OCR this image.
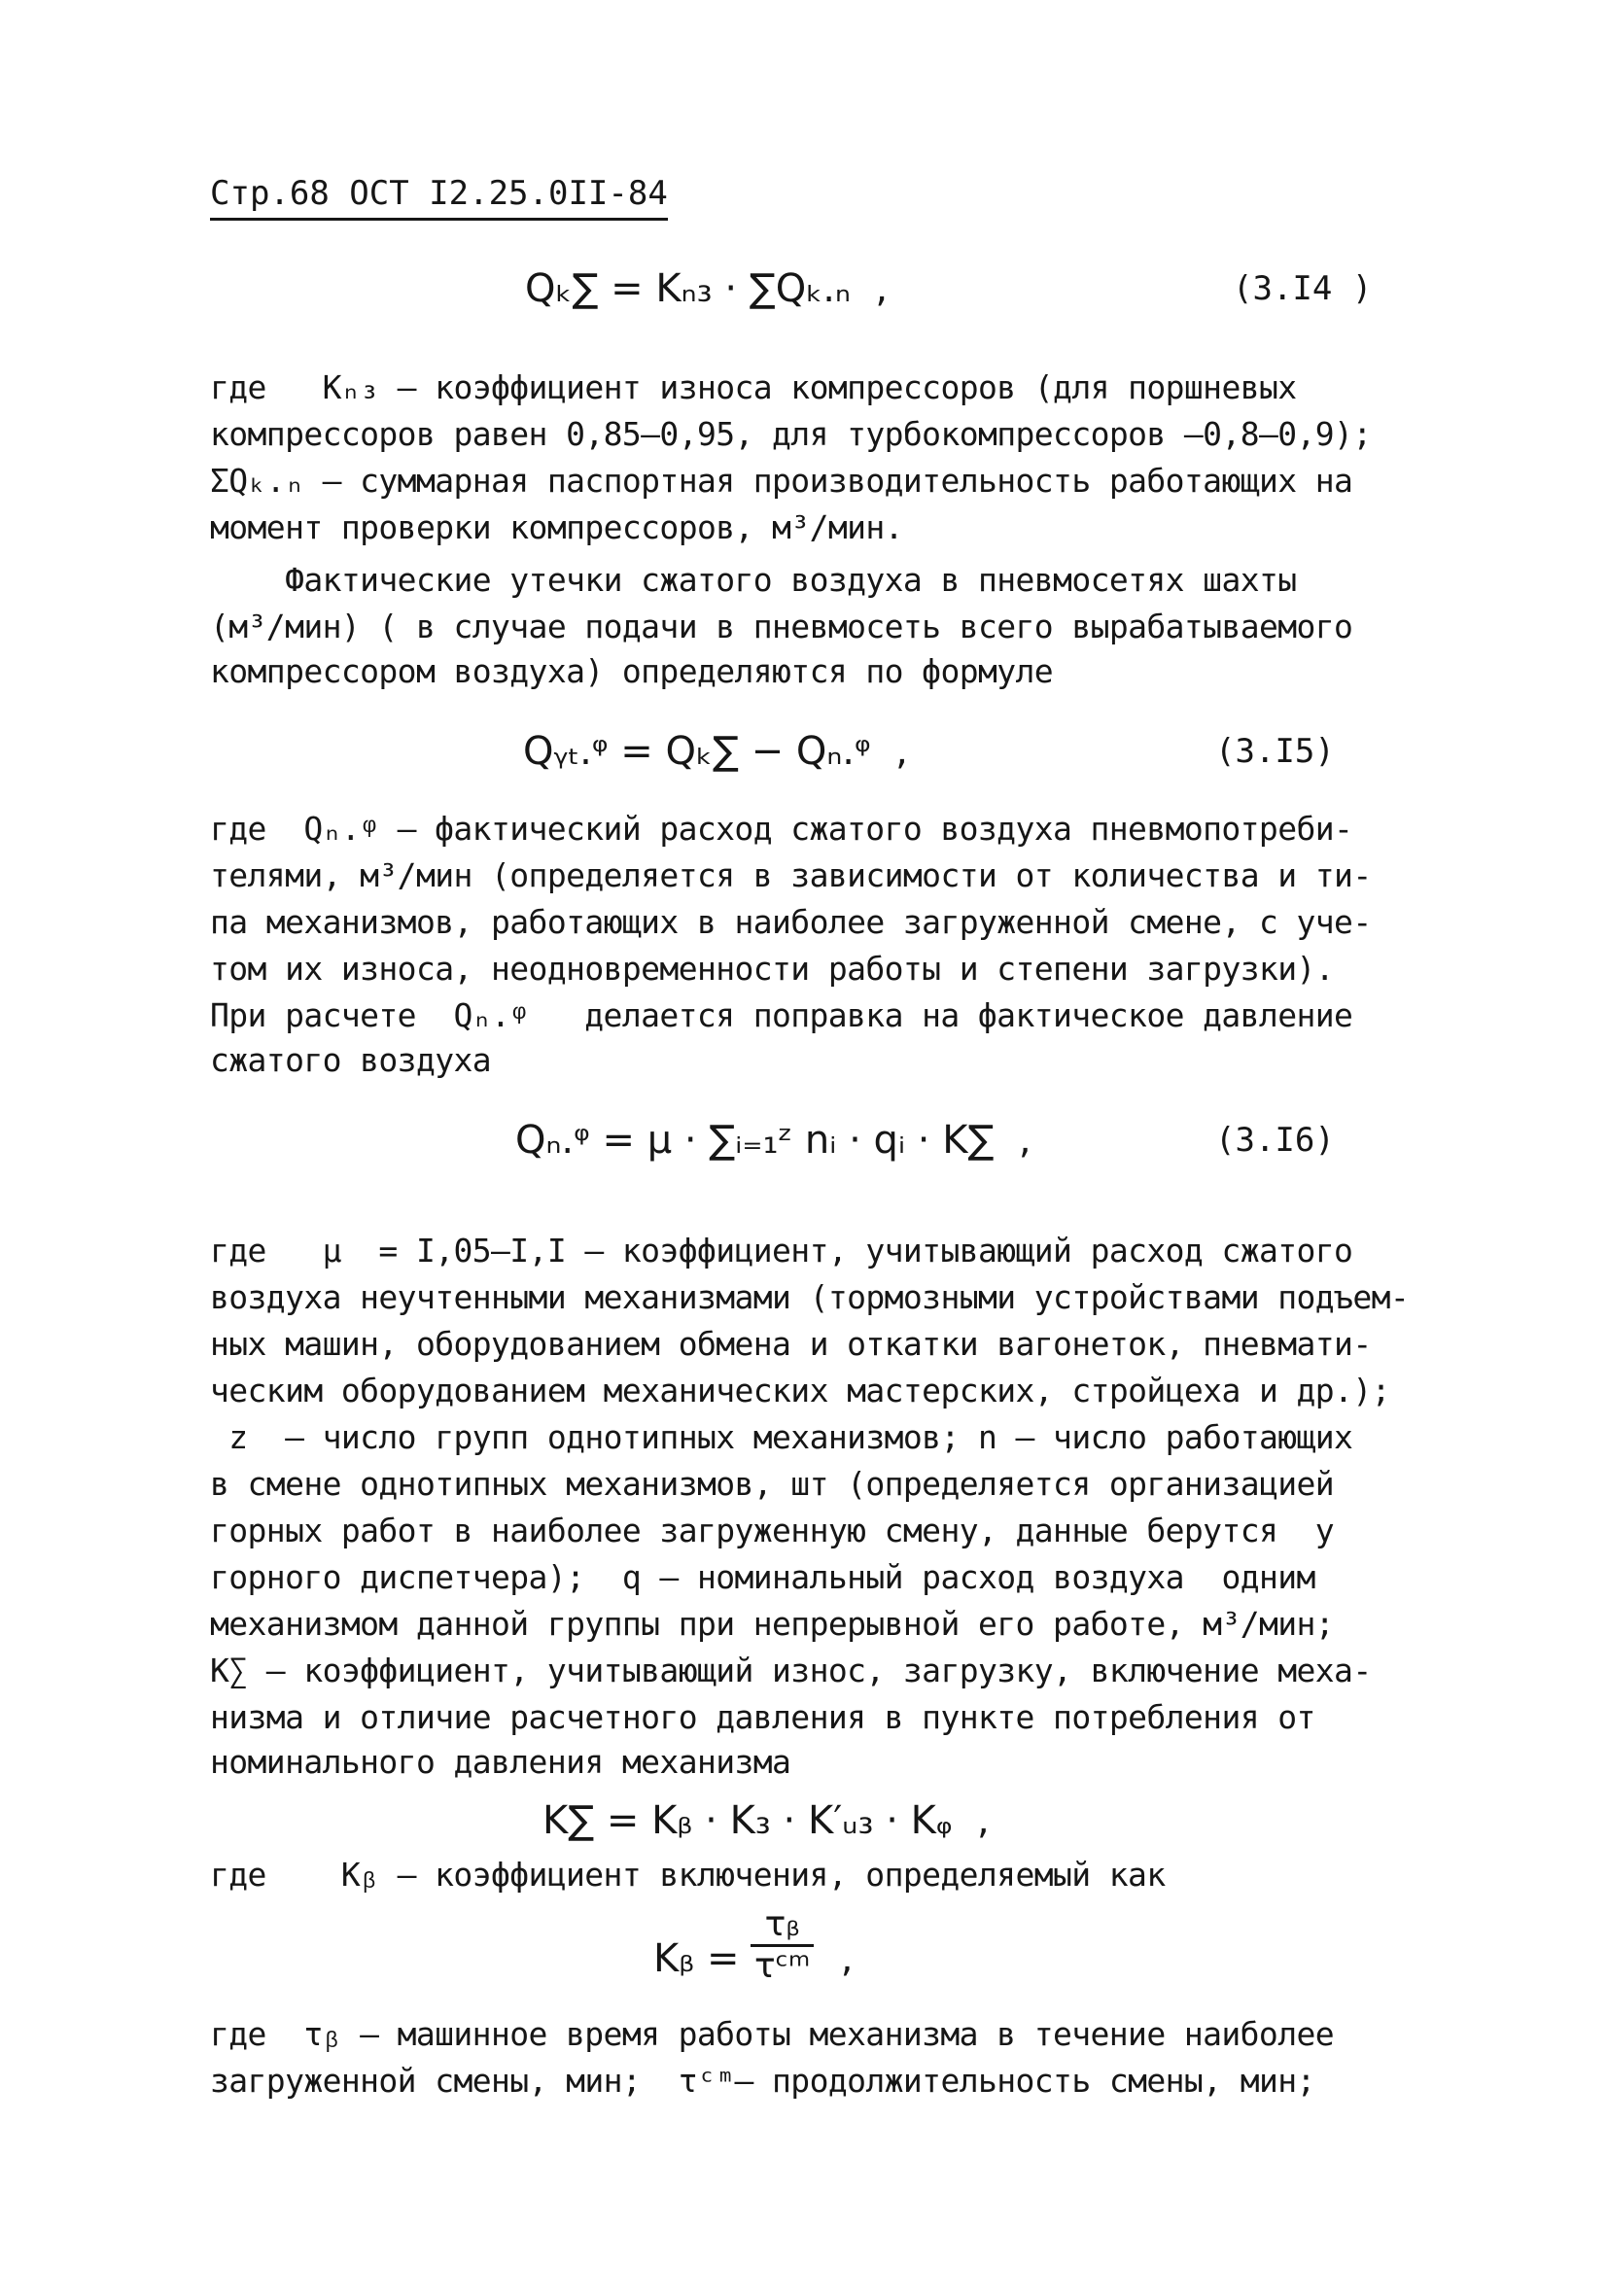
Стр.68 ОСТ I2.25.0II-84
Qₖ∑ = Kₙ₃ · ∑Qₖ.ₙ  ,	(3.I4 )
где   Кₙ₃ – коэффициент износа компрессоров (для поршневых
компрессоров равен 0,85–0,95, для турбокомпрессоров –0,8–0,9);
ΣQₖ.ₙ – суммарная паспортная производительность работающих на
момент проверки компрессоров, м³/мин.
Фактические утечки сжатого воздуха в пневмосетях шахты
(м³/мин) ( в случае подачи в пневмосеть всего вырабатываемого
компрессором воздуха) определяются по формуле
Qᵧₜ.ᵠ = Qₖ∑ − Qₙ.ᵠ  ,	(3.I5)
где  Qₙ.ᵠ – фактический расход сжатого воздуха пневмопотреби-
телями, м³/мин (определяется в зависимости от количества и ти-
па механизмов, работающих в наиболее загруженной смене, с уче-
том их износа, неодновременности работы и степени загрузки).
При расчете  Qₙ.ᵠ   делается поправка на фактическое давление
сжатого воздуха
Qₙ.ᵠ = μ · ∑ᵢ₌₁ᶻ nᵢ · qᵢ · K∑  ,	(3.I6)
где   μ  = I,05–I,I – коэффициент, учитывающий расход сжатого
воздуха неучтенными механизмами (тормозными устройствами подъем-
ных машин, оборудованием обмена и откатки вагонеток, пневмати-
ческим оборудованием механических мастерских, стройцеха и др.);
z  – число групп однотипных механизмов; n – число работающих
в смене однотипных механизмов, шт (определяется организацией
горных работ в наиболее загруженную смену, данные берутся  у
горного диспетчера);  q – номинальный расход воздуха  одним
механизмом данной группы при непрерывной его работе, м³/мин;
К∑ – коэффициент, учитывающий износ, загрузку, включение меха-
низма и отличие расчетного давления в пункте потребления от
номинального давления механизма
K∑ = Kᵦ · K₃ · K′ᵤ₃ · Kᵩ  ,
где    Кᵦ – коэффициент включения, определяемый как
Kᵦ =
τᵦ
τᶜᵐ ,
где  τᵦ – машинное время работы механизма в течение наиболее
загруженной смены, мин;  τᶜᵐ– продолжительность смены, мин;
